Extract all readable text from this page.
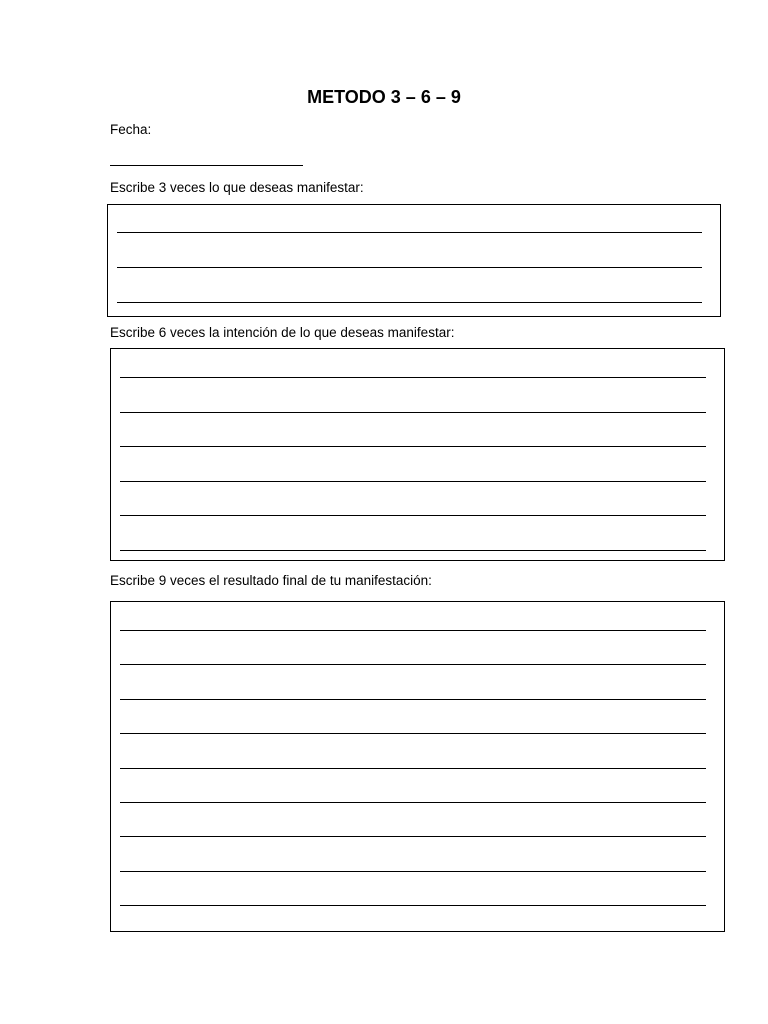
METODO 3 – 6 – 9
Fecha:
Escribe 3 veces lo que deseas manifestar:
Escribe 6 veces la intención de lo que deseas manifestar:
Escribe 9 veces el resultado final de tu manifestación:
